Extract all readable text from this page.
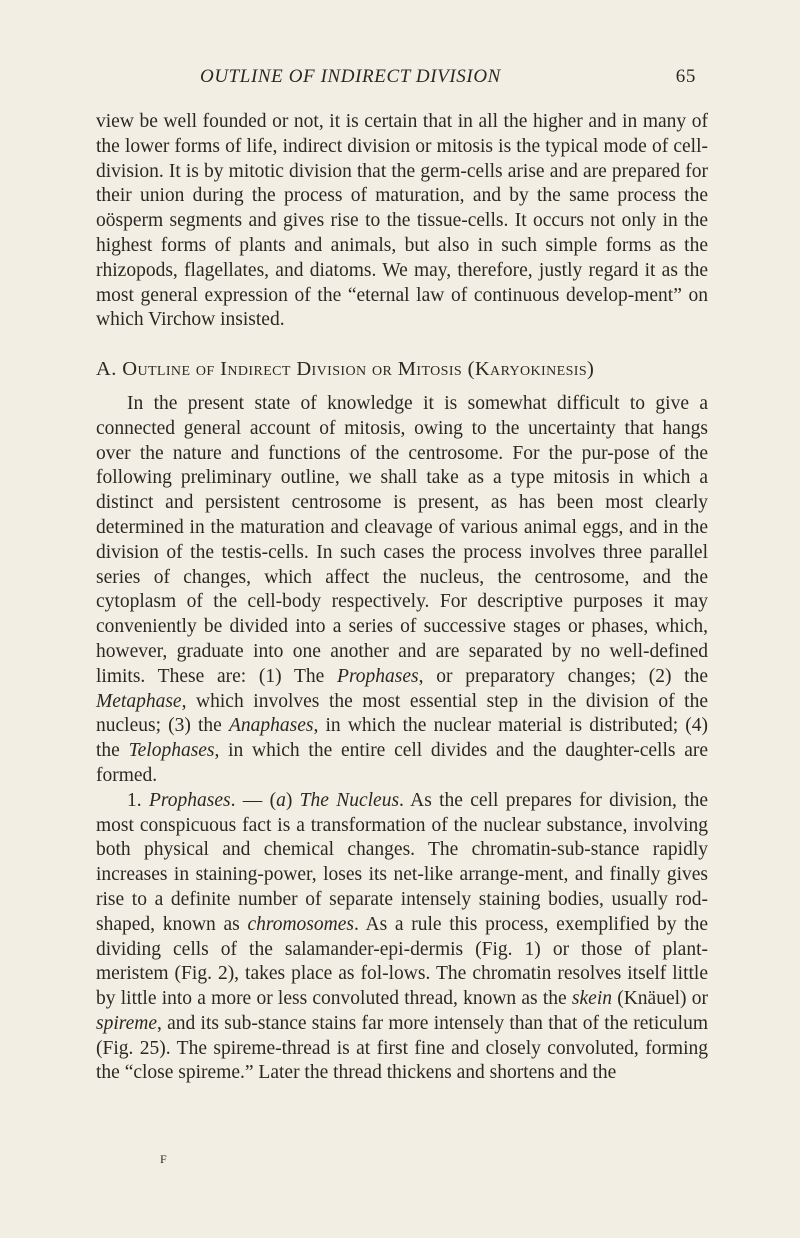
OUTLINE OF INDIRECT DIVISION	65

view be well founded or not, it is certain that in all the higher and in many of the lower forms of life, indirect division or mitosis is the typical mode of cell-division. It is by mitotic division that the germ-cells arise and are prepared for their union during the process of maturation, and by the same process the oösperm segments and gives rise to the tissue-cells. It occurs not only in the highest forms of plants and animals, but also in such simple forms as the rhizopods, flagellates, and diatoms. We may, therefore, justly regard it as the most general expression of the “eternal law of continuous develop-ment” on which Virchow insisted.

A. Outline of Indirect Division or Mitosis (Karyokinesis)

In the present state of knowledge it is somewhat difficult to give a connected general account of mitosis, owing to the uncertainty that hangs over the nature and functions of the centrosome. For the pur-pose of the following preliminary outline, we shall take as a type mitosis in which a distinct and persistent centrosome is present, as has been most clearly determined in the maturation and cleavage of various animal eggs, and in the division of the testis-cells. In such cases the process involves three parallel series of changes, which affect the nucleus, the centrosome, and the cytoplasm of the cell-body respectively. For descriptive purposes it may conveniently be divided into a series of successive stages or phases, which, however, graduate into one another and are separated by no well-defined limits. These are: (1) The Prophases, or preparatory changes; (2) the Metaphase, which involves the most essential step in the division of the nucleus; (3) the Anaphases, in which the nuclear material is distributed; (4) the Telophases, in which the entire cell divides and the daughter-cells are formed.

1. Prophases. — (a) The Nucleus. As the cell prepares for division, the most conspicuous fact is a transformation of the nuclear substance, involving both physical and chemical changes. The chromatin-sub-stance rapidly increases in staining-power, loses its net-like arrange-ment, and finally gives rise to a definite number of separate intensely staining bodies, usually rod-shaped, known as chromosomes. As a rule this process, exemplified by the dividing cells of the salamander-epi-dermis (Fig. 1) or those of plant-meristem (Fig. 2), takes place as fol-lows. The chromatin resolves itself little by little into a more or less convoluted thread, known as the skein (Knäuel) or spireme, and its sub-stance stains far more intensely than that of the reticulum (Fig. 25). The spireme-thread is at first fine and closely convoluted, forming the “close spireme.” Later the thread thickens and shortens and the

F
